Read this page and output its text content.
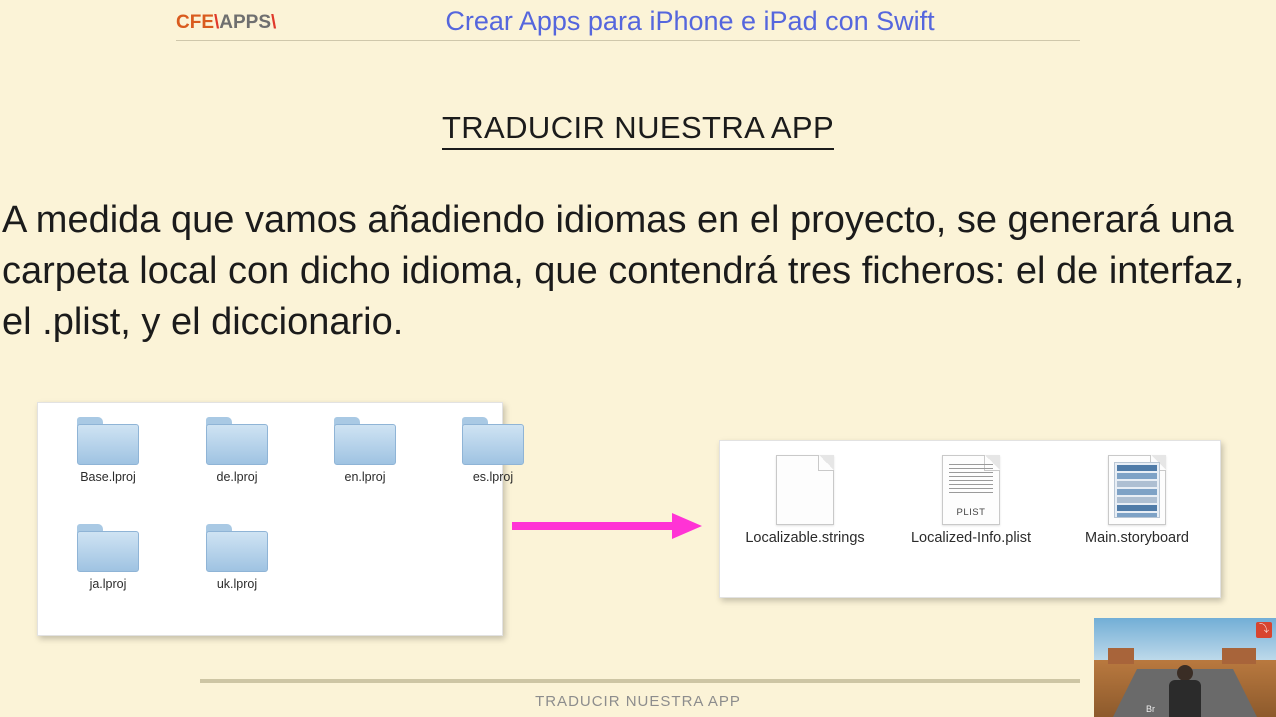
CFE\APPS\	Crear Apps para iPhone e iPad con Swift
TRADUCIR NUESTRA APP
A medida que vamos añadiendo idiomas en el proyecto, se generará una carpeta local con dicho idioma, que contendrá tres ficheros: el de interfaz, el .plist, y el diccionario.
Base.lproj	de.lproj	en.lproj	es.lproj
ja.lproj	uk.lproj
Localizable.strings
PLIST
Localized-Info.plist	Main.storyboard
TRADUCIR NUESTRA APP
⤵
Br
